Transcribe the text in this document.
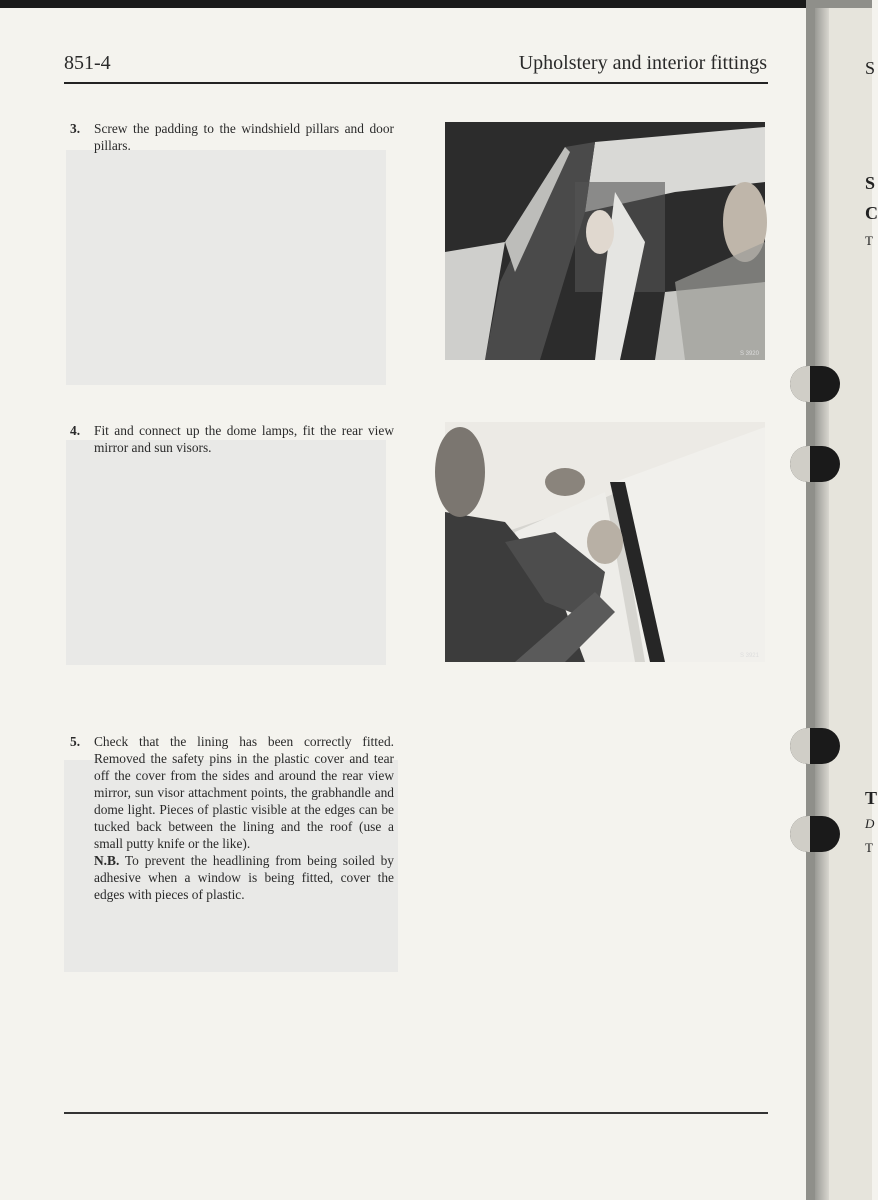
851-4	Upholstery and interior fittings
3. Screw the padding to the windshield pillars and door pillars.
4. Fit and connect up the dome lamps, fit the rear view mirror and sun visors.
5. Check that the lining has been correctly fitted. Removed the safety pins in the plastic cover and tear off the cover from the sides and around the rear view mirror, sun visor attachment points, the grabhandle and dome light. Pieces of plastic visible at the edges can be tucked back between the lining and the roof (use a small putty knife or the like).
N.B. To prevent the headlining from being soiled by adhesive when a window is being fitted, cover the edges with pieces of plastic.
S 3920
S 3921
S
S
C
T
T
D
T
